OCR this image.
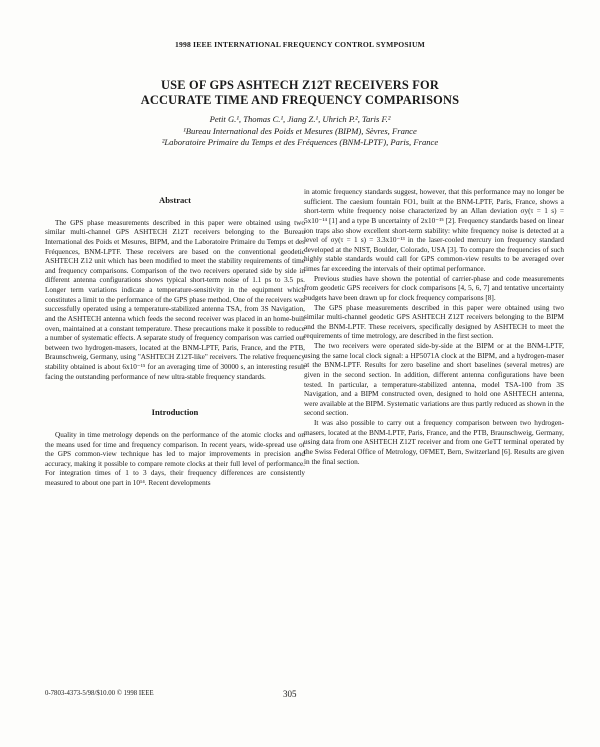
1998 IEEE INTERNATIONAL FREQUENCY CONTROL SYMPOSIUM
USE OF GPS ASHTECH Z12T RECEIVERS FOR
ACCURATE TIME AND FREQUENCY COMPARISONS
Petit G.¹, Thomas C.¹, Jiang Z.¹, Uhrich P.², Taris F.²
¹Bureau International des Poids et Mesures (BIPM), Sèvres, France
²Laboratoire Primaire du Temps et des Fréquences (BNM-LPTF), Paris, France
Abstract

The GPS phase measurements described in this paper were obtained using two similar multi-channel GPS ASHTECH Z12T receivers belonging to the Bureau International des Poids et Mesures, BIPM, and the Laboratoire Primaire du Temps et des Fréquences, BNM-LPTF. These receivers are based on the conventional geodetic ASHTECH Z12 unit which has been modified to meet the stability requirements of time and frequency comparisons. Comparison of the two receivers operated side by side in different antenna configurations shows typical short-term noise of 1.1 ps to 3.5 ps. Longer term variations indicate a temperature-sensitivity in the equipment which constitutes a limit to the performance of the GPS phase method. One of the receivers was successfully operated using a temperature-stabilized antenna TSA, from 3S Navigation, and the ASHTECH antenna which feeds the second receiver was placed in an home-built oven, maintained at a constant temperature. These precautions make it possible to reduce a number of systematic effects. A separate study of frequency comparison was carried out between two hydrogen-masers, located at the BNM-LPTF, Paris, France, and the PTB, Braunschweig, Germany, using "ASHTECH Z12T-like" receivers. The relative frequency stability obtained is about 6x10⁻¹⁵ for an averaging time of 30000 s, an interesting result facing the outstanding performance of new ultra-stable frequency standards.

Introduction

Quality in time metrology depends on the performance of the atomic clocks and on the means used for time and frequency comparison. In recent years, wide-spread use of the GPS common-view technique has led to major improvements in precision and accuracy, making it possible to compare remote clocks at their full level of performance. For integration times of 1 to 3 days, their frequency differences are consistently measured to about one part in 10¹⁴. Recent developments

in atomic frequency standards suggest, however, that this performance may no longer be sufficient. The caesium fountain FO1, built at the BNM-LPTF, Paris, France, shows a short-term white frequency noise characterized by an Allan deviation σy(τ = 1 s) = 5x10⁻¹⁴ [1] and a type B uncertainty of 2x10⁻¹⁵ [2]. Frequency standards based on linear ion traps also show excellent short-term stability: white frequency noise is detected at a level of σy(τ = 1 s) = 3.3x10⁻¹³ in the laser-cooled mercury ion frequency standard developed at the NIST, Boulder, Colorado, USA [3]. To compare the frequencies of such highly stable standards would call for GPS common-view results to be averaged over times far exceeding the intervals of their optimal performance.

Previous studies have shown the potential of carrier-phase and code measurements from geodetic GPS receivers for clock comparisons [4, 5, 6, 7] and tentative uncertainty budgets have been drawn up for clock frequency comparisons [8].

The GPS phase measurements described in this paper were obtained using two similar multi-channel geodetic GPS ASHTECH Z12T receivers belonging to the BIPM and the BNM-LPTF. These receivers, specifically designed by ASHTECH to meet the requirements of time metrology, are described in the first section.

The two receivers were operated side-by-side at the BIPM or at the BNM-LPTF, using the same local clock signal: a HP5071A clock at the BIPM, and a hydrogen-maser at the BNM-LPTF. Results for zero baseline and short baselines (several metres) are given in the second section. In addition, different antenna configurations have been tested. In particular, a temperature-stabilized antenna, model TSA-100 from 3S Navigation, and a BIPM constructed oven, designed to hold one ASHTECH antenna, were available at the BIPM. Systematic variations are thus partly reduced as shown in the second section.

It was also possible to carry out a frequency comparison between two hydrogen-masers, located at the BNM-LPTF, Paris, France, and the PTB, Braunschweig, Germany, using data from one ASHTECH Z12T receiver and from one GeTT terminal operated by the Swiss Federal Office of Metrology, OFMET, Bern, Switzerland [6]. Results are given in the final section.

0-7803-4373-5/98/$10.00 © 1998 IEEE	305
